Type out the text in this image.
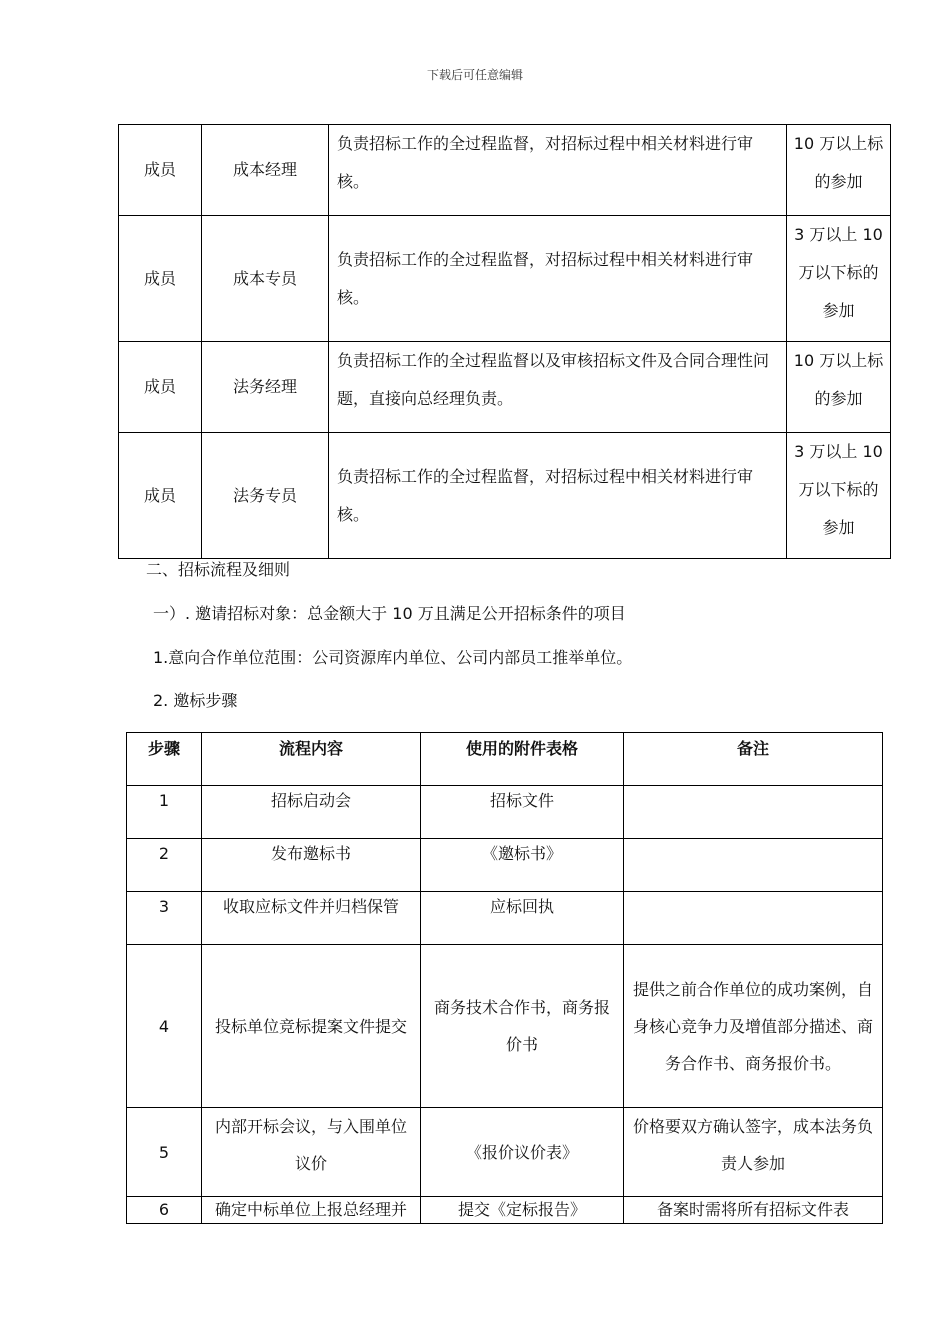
下载后可任意编辑
成员	成本经理	负责招标工作的全过程监督，对招标过程中相关材料进行审核。	10 万以上标的参加
成员	成本专员	负责招标工作的全过程监督，对招标过程中相关材料进行审核。	3 万以上 10 万以下标的参加
成员	法务经理	负责招标工作的全过程监督以及审核招标文件及合同合理性问题，直接向总经理负责。	10 万以上标的参加
成员	法务专员	负责招标工作的全过程监督，对招标过程中相关材料进行审核。	3 万以上 10 万以下标的参加
二、招标流程及细则
一）. 邀请招标对象：总金额大于 10 万且满足公开招标条件的项目
1.意向合作单位范围：公司资源库内单位、公司内部员工推举单位。
2. 邀标步骤
步骤	流程内容	使用的附件表格	备注
1	招标启动会	招标文件	
2	发布邀标书	《邀标书》	
3	收取应标文件并归档保管	应标回执	
4	投标单位竞标提案文件提交	商务技术合作书，商务报价书	提供之前合作单位的成功案例，自身核心竞争力及增值部分描述、商务合作书、商务报价书。
5	内部开标会议，与入围单位议价	《报价议价表》	价格要双方确认签字，成本法务负责人参加
6	确定中标单位上报总经理并	提交《定标报告》	备案时需将所有招标文件表
